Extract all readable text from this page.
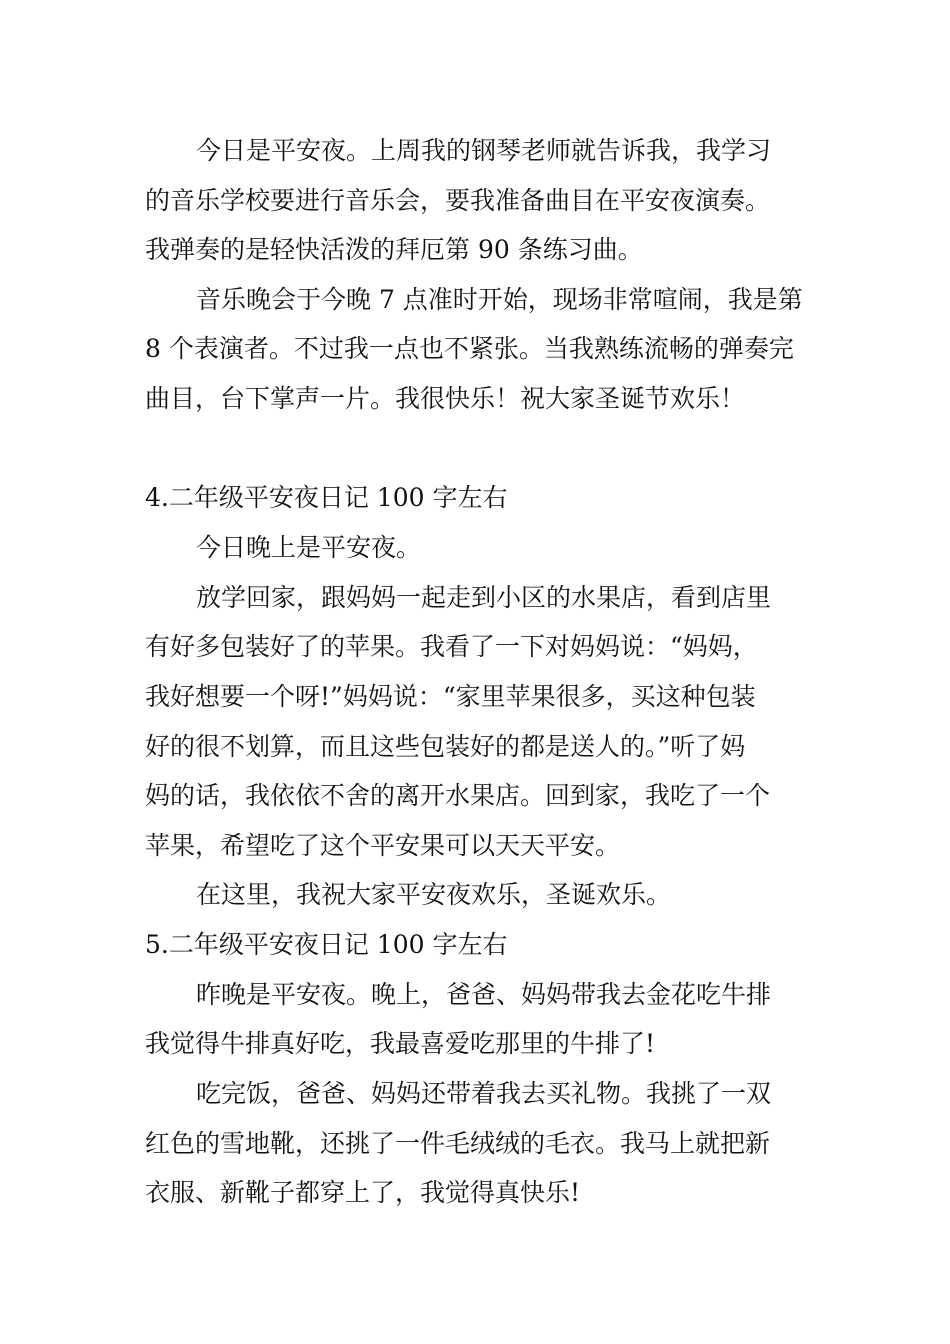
今日是平安夜。上周我的钢琴老师就告诉我，我学习
的音乐学校要进行音乐会，要我准备曲目在平安夜演奏。
我弹奏的是轻快活泼的拜厄第 90 条练习曲。
音乐晚会于今晚 7 点准时开始，现场非常喧闹，我是第
8 个表演者。不过我一点也不紧张。当我熟练流畅的弹奏完
曲目，台下掌声一片。我很快乐！祝大家圣诞节欢乐！
4.二年级平安夜日记 100 字左右
今日晚上是平安夜。
放学回家，跟妈妈一起走到小区的水果店，看到店里
有好多包装好了的苹果。我看了一下对妈妈说：“妈妈，
我好想要一个呀!”妈妈说：“家里苹果很多，买这种包装
好的很不划算，而且这些包装好的都是送人的。”听了妈
妈的话，我依依不舍的离开水果店。回到家，我吃了一个
苹果，希望吃了这个平安果可以天天平安。
在这里，我祝大家平安夜欢乐，圣诞欢乐。
5.二年级平安夜日记 100 字左右
昨晚是平安夜。晚上，爸爸、妈妈带我去金花吃牛排
我觉得牛排真好吃，我最喜爱吃那里的牛排了!
吃完饭，爸爸、妈妈还带着我去买礼物。我挑了一双
红色的雪地靴，还挑了一件毛绒绒的毛衣。我马上就把新
衣服、新靴子都穿上了，我觉得真快乐!
